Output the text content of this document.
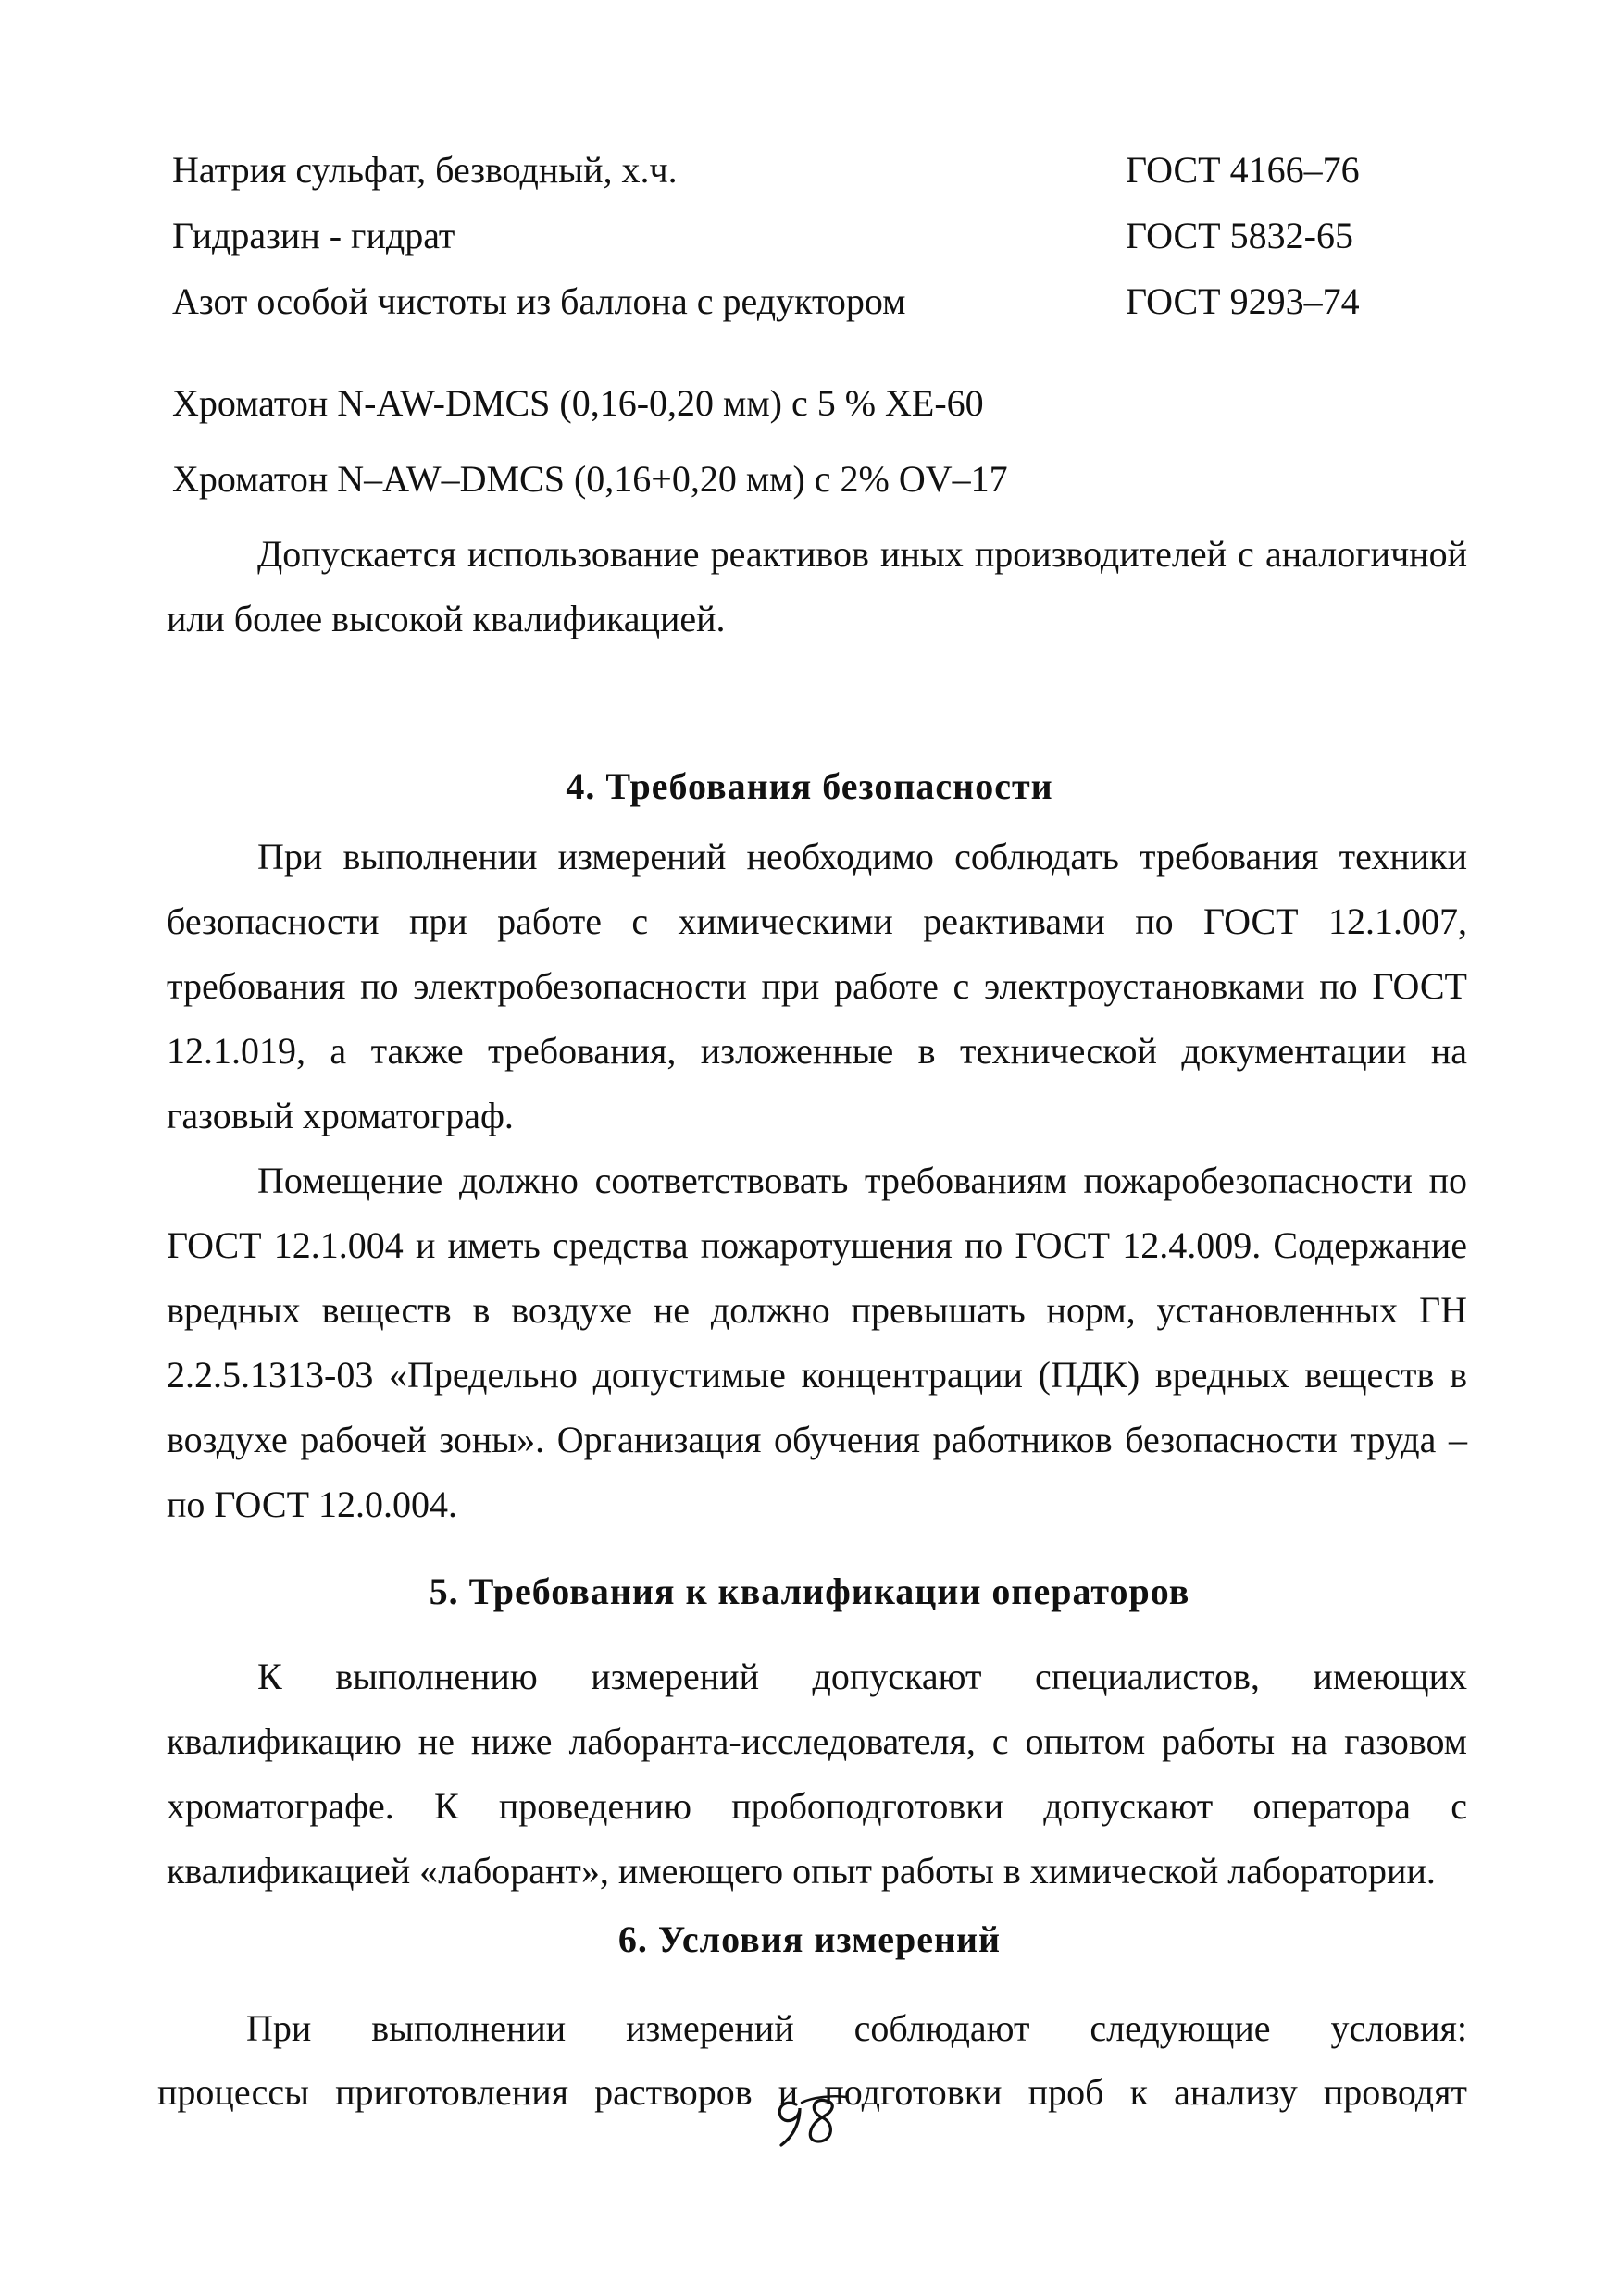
Натрия сульфат, безводный, х.ч.	ГОСТ 4166–76
Гидразин - гидрат	ГОСТ 5832-65
Азот особой чистоты из баллона с редуктором	ГОСТ 9293–74
Хроматон N-AW-DMCS (0,16-0,20 мм) с 5 % XE-60
Хроматон N–AW–DMCS (0,16+0,20 мм) с 2% OV–17

Допускается использование реактивов иных производителей с аналогичной или более высокой квалификацией.

4. Требования безопасности

При выполнении измерений необходимо соблюдать требования техники безопасности при работе с химическими реактивами по ГОСТ 12.1.007, требования по электробезопасности при работе с электроустановками по ГОСТ 12.1.019, а также требования, изложенные в технической документации на газовый хроматограф.

Помещение должно соответствовать требованиям пожаробезопасности по ГОСТ 12.1.004 и иметь средства пожаротушения по ГОСТ 12.4.009. Содержание вредных веществ в воздухе не должно превышать норм, установленных ГН 2.2.5.1313-03 «Предельно допустимые концентрации (ПДК) вредных веществ в воздухе рабочей зоны». Организация обучения работников безопасности труда – по ГОСТ 12.0.004.

5. Требования к квалификации операторов

К выполнению измерений допускают специалистов, имеющих квалификацию не ниже лаборанта-исследователя, с опытом работы на газовом хроматографе. К проведению пробоподготовки допускают оператора с квалификацией «лаборант», имеющего опыт работы в химической лаборатории.

6. Условия измерений
При выполнении измерений соблюдают следующие условия:
процессы приготовления растворов и подготовки проб к анализу проводят
